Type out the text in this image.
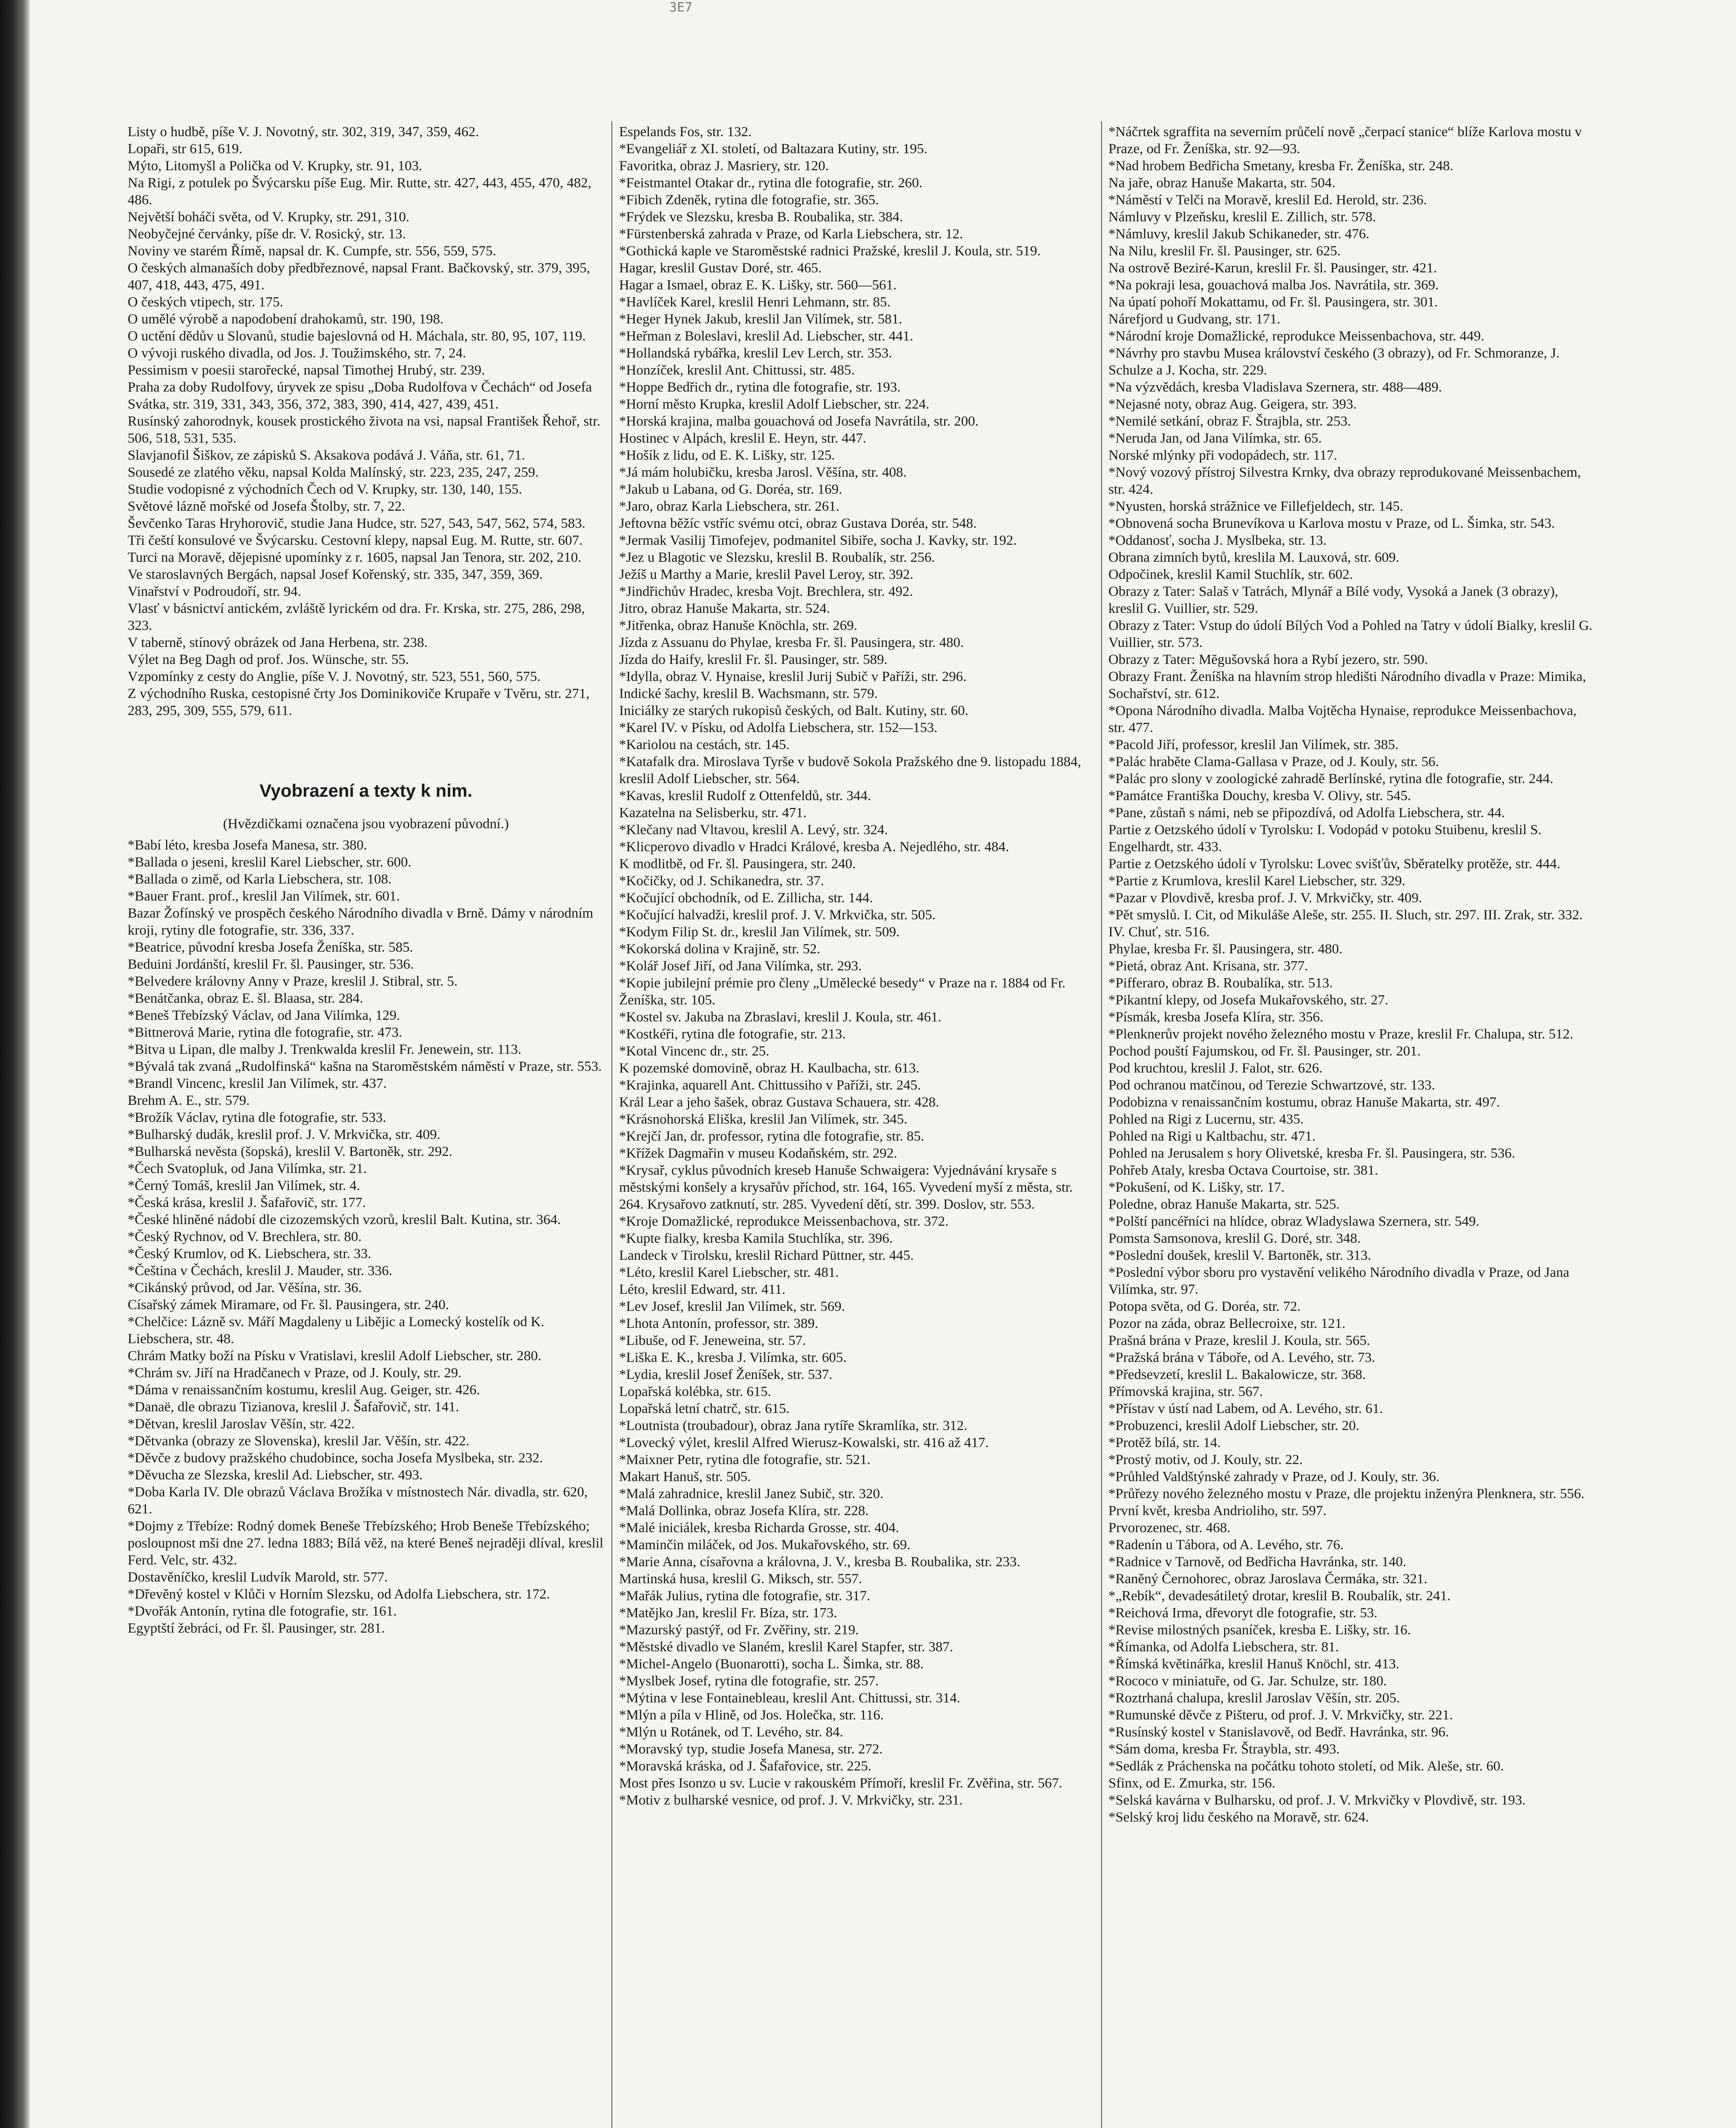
3E7
Listy o hudbě, píše V. J. Novotný, str. 302, 319, 347, 359, 462.
Lopaři, str 615, 619.
Mýto, Litomyšl a Polička od V. Krupky, str. 91, 103.
Na Rigi, z potulek po Švýcarsku píše Eug. Mir. Rutte, str. 427, 443, 455, 470, 482, 486.
Největší boháči světa, od V. Krupky, str. 291, 310.
Neobyčejné červánky, píše dr. V. Rosický, str. 13.
Noviny ve starém Římě, napsal dr. K. Cumpfe, str. 556, 559, 575.
O českých almanaších doby předbřeznové, napsal Frant. Bačkovský, str. 379, 395, 407, 418, 443, 475, 491.
O českých vtipech, str. 175.
O umělé výrobě a napodobení drahokamů, str. 190, 198.
O uctění dědův u Slovanů, studie bajeslovná od H. Máchala, str. 80, 95, 107, 119.
O vývoji ruského divadla, od Jos. J. Toužimského, str. 7, 24.
Pessimism v poesii starořecké, napsal Timothej Hrubý, str. 239.
Praha za doby Rudolfovy, úryvek ze spisu „Doba Rudolfova v Čechách“ od Josefa Svátka, str. 319, 331, 343, 356, 372, 383, 390, 414, 427, 439, 451.
Rusínský zahorodnyk, kousek prostického života na vsi, napsal František Řehoř, str. 506, 518, 531, 535.
Slavjanofil Šiškov, ze zápisků S. Aksakova podává J. Váňa, str. 61, 71.
Sousedé ze zlatého věku, napsal Kolda Malínský, str. 223, 235, 247, 259.
Studie vodopisné z východních Čech od V. Krupky, str. 130, 140, 155.
Světové lázně mořské od Josefa Štolby, str. 7, 22.
Ševčenko Taras Hryhorovič, studie Jana Hudce, str. 527, 543, 547, 562, 574, 583.
Tři čeští konsulové ve Švýcarsku. Cestovní klepy, napsal Eug. M. Rutte, str. 607.
Turci na Moravě, dějepisné upomínky z r. 1605, napsal Jan Tenora, str. 202, 210.
Ve staroslavných Bergách, napsal Josef Kořenský, str. 335, 347, 359, 369.
Vinařství v Podroudoří, str. 94.
Vlasť v básnictví antickém, zvláště lyrickém od dra. Fr. Krska, str. 275, 286, 298, 323.
V taberně, stínový obrázek od Jana Herbena, str. 238.
Výlet na Beg Dagh od prof. Jos. Wünsche, str. 55.
Vzpomínky z cesty do Anglie, píše V. J. Novotný, str. 523, 551, 560, 575.
Z východního Ruska, cestopisné črty Jos Dominikoviče Krupaře v Tvěru, str. 271, 283, 295, 309, 555, 579, 611.
Vyobrazení a texty k nim.
(Hvězdičkami označena jsou vyobrazení původní.)
*Babí léto, kresba Josefa Manesa, str. 380.
*Ballada o jeseni, kreslil Karel Liebscher, str. 600.
*Ballada o zimě, od Karla Liebschera, str. 108.
*Bauer Frant. prof., kreslil Jan Vilímek, str. 601.
Bazar Žofínský ve prospěch českého Národního divadla v Brně. Dámy v národním kroji, rytiny dle fotografie, str. 336, 337.
*Beatrice, původní kresba Josefa Ženíška, str. 585.
Beduini Jordánští, kreslil Fr. šl. Pausinger, str. 536.
*Belvedere královny Anny v Praze, kreslil J. Stibral, str. 5.
*Benátčanka, obraz E. šl. Blaasa, str. 284.
*Beneš Třebízský Václav, od Jana Vilímka, 129.
*Bittnerová Marie, rytina dle fotografie, str. 473.
*Bitva u Lipan, dle malby J. Trenkwalda kreslil Fr. Jenewein, str. 113.
*Bývalá tak zvaná „Rudolfinská“ kašna na Staroměstském náměstí v Praze, str. 553.
*Brandl Vincenc, kreslil Jan Vilímek, str. 437.
Brehm A. E., str. 579.
*Brožík Václav, rytina dle fotografie, str. 533.
*Bulharský dudák, kreslil prof. J. V. Mrkvička, str. 409.
*Bulharská nevěsta (šopská), kreslil V. Bartoněk, str. 292.
*Čech Svatopluk, od Jana Vilímka, str. 21.
*Černý Tomáš, kreslil Jan Vilímek, str. 4.
*Česká krása, kreslil J. Šafařovič, str. 177.
*České hliněné nádobí dle cizozemských vzorů, kreslil Balt. Kutina, str. 364.
*Český Rychnov, od V. Brechlera, str. 80.
*Český Krumlov, od K. Liebschera, str. 33.
*Čeština v Čechách, kreslil J. Mauder, str. 336.
*Cikánský průvod, od Jar. Věšína, str. 36.
Císařský zámek Miramare, od Fr. šl. Pausingera, str. 240.
*Chelčice: Lázně sv. Máří Magdaleny u Libějic a Lomecký kostelík od K. Liebschera, str. 48.
Chrám Matky boží na Písku v Vratislavi, kreslil Adolf Liebscher, str. 280.
*Chrám sv. Jiří na Hradčanech v Praze, od J. Kouly, str. 29.
*Dáma v renaissančním kostumu, kreslil Aug. Geiger, str. 426.
*Danaë, dle obrazu Tizianova, kreslil J. Šafařovič, str. 141.
*Dětvan, kreslil Jaroslav Věšín, str. 422.
*Dětvanka (obrazy ze Slovenska), kreslil Jar. Věšín, str. 422.
*Děvče z budovy pražského chudobince, socha Josefa Myslbeka, str. 232.
*Děvucha ze Slezska, kreslil Ad. Liebscher, str. 493.
*Doba Karla IV. Dle obrazů Václava Brožíka v místnostech Nár. divadla, str. 620, 621.
*Dojmy z Třebíze: Rodný domek Beneše Třebízského; Hrob Beneše Třebízského; posloupnost mši dne 27. ledna 1883; Bílá věž, na které Beneš nejraději dlíval, kreslil Ferd. Velc, str. 432.
Dostavěníčko, kreslil Ludvík Marold, str. 577.
*Dřevěný kostel v Klůči v Horním Slezsku, od Adolfa Liebschera, str. 172.
*Dvořák Antonín, rytina dle fotografie, str. 161.
Egyptští žebráci, od Fr. šl. Pausinger, str. 281.
Espelands Fos, str. 132.
*Evangeliář z XI. století, od Baltazara Kutiny, str. 195.
Favoritka, obraz J. Masriery, str. 120.
*Feistmantel Otakar dr., rytina dle fotografie, str. 260.
*Fibich Zdeněk, rytina dle fotografie, str. 365.
*Frýdek ve Slezsku, kresba B. Roubalika, str. 384.
*Fürstenberská zahrada v Praze, od Karla Liebschera, str. 12.
*Gothická kaple ve Staroměstské radnici Pražské, kreslil J. Koula, str. 519.
Hagar, kreslil Gustav Doré, str. 465.
Hagar a Ismael, obraz E. K. Lišky, str. 560—561.
*Havlíček Karel, kreslil Henri Lehmann, str. 85.
*Heger Hynek Jakub, kreslil Jan Vilímek, str. 581.
*Heřman z Boleslavi, kreslil Ad. Liebscher, str. 441.
*Hollandská rybářka, kreslil Lev Lerch, str. 353.
*Honzíček, kreslil Ant. Chittussi, str. 485.
*Hoppe Bedřich dr., rytina dle fotografie, str. 193.
*Horní město Krupka, kreslil Adolf Liebscher, str. 224.
*Horská krajina, malba gouachová od Josefa Navrátila, str. 200.
Hostinec v Alpách, kreslil E. Heyn, str. 447.
*Hošík z lidu, od E. K. Lišky, str. 125.
*Já mám holubičku, kresba Jarosl. Věšína, str. 408.
*Jakub u Labana, od G. Doréa, str. 169.
*Jaro, obraz Karla Liebschera, str. 261.
Jeftovna běžíc vstříc svému otci, obraz Gustava Doréa, str. 548.
*Jermak Vasilij Timofejev, podmanitel Sibiře, socha J. Kavky, str. 192.
*Jez u Blagotic ve Slezsku, kreslil B. Roubalík, str. 256.
Ježíš u Marthy a Marie, kreslil Pavel Leroy, str. 392.
*Jindřichův Hradec, kresba Vojt. Brechlera, str. 492.
Jitro, obraz Hanuše Makarta, str. 524.
*Jitřenka, obraz Hanuše Knöchla, str. 269.
Jízda z Assuanu do Phylae, kresba Fr. šl. Pausingera, str. 480.
Jízda do Haify, kreslil Fr. šl. Pausinger, str. 589.
*Idylla, obraz V. Hynaise, kreslil Jurij Subič v Paříži, str. 296.
Indické šachy, kreslil B. Wachsmann, str. 579.
Iniciálky ze starých rukopisů českých, od Balt. Kutiny, str. 60.
*Karel IV. v Písku, od Adolfa Liebschera, str. 152—153.
*Kariolou na cestách, str. 145.
*Katafalk dra. Miroslava Tyrše v budově Sokola Pražského dne 9. listopadu 1884, kreslil Adolf Liebscher, str. 564.
*Kavas, kreslil Rudolf z Ottenfeldů, str. 344.
Kazatelna na Selisberku, str. 471.
*Klečany nad Vltavou, kreslil A. Levý, str. 324.
*Klicperovo divadlo v Hradci Králové, kresba A. Nejedlého, str. 484.
K modlitbě, od Fr. šl. Pausingera, str. 240.
*Kočičky, od J. Schikanedra, str. 37.
*Kočující obchodník, od E. Zillicha, str. 144.
*Kočující halvadži, kreslil prof. J. V. Mrkvička, str. 505.
*Kodym Filip St. dr., kreslil Jan Vilímek, str. 509.
*Kokorská dolina v Krajině, str. 52.
*Kolář Josef Jiří, od Jana Vilímka, str. 293.
*Kopie jubilejní prémie pro členy „Umělecké besedy“ v Praze na r. 1884 od Fr. Ženíška, str. 105.
*Kostel sv. Jakuba na Zbraslavi, kreslil J. Koula, str. 461.
*Kostkéři, rytina dle fotografie, str. 213.
*Kotal Vincenc dr., str. 25.
K pozemské domovině, obraz H. Kaulbacha, str. 613.
*Krajinka, aquarell Ant. Chittussiho v Paříži, str. 245.
Král Lear a jeho šašek, obraz Gustava Schauera, str. 428.
*Krásnohorská Eliška, kreslil Jan Vilímek, str. 345.
*Krejčí Jan, dr. professor, rytina dle fotografie, str. 85.
*Křížek Dagmařin v museu Kodaňském, str. 292.
*Krysař, cyklus původních kreseb Hanuše Schwaigera: Vyjednávání krysaře s městskými konšely a krysařův příchod, str. 164, 165. Vyvedení myší z města, str. 264. Krysařovo zatknutí, str. 285. Vyvedení dětí, str. 399. Doslov, str. 553.
*Kroje Domažlické, reprodukce Meissenbachova, str. 372.
*Kupte fialky, kresba Kamila Stuchlíka, str. 396.
Landeck v Tirolsku, kreslil Richard Püttner, str. 445.
*Léto, kreslil Karel Liebscher, str. 481.
Léto, kreslil Edward, str. 411.
*Lev Josef, kreslil Jan Vilímek, str. 569.
*Lhota Antonín, professor, str. 389.
*Libuše, od F. Jeneweina, str. 57.
*Liška E. K., kresba J. Vilímka, str. 605.
*Lydia, kreslil Josef Ženíšek, str. 537.
Lopařská kolébka, str. 615.
Lopařská letní chatrč, str. 615.
*Loutnista (troubadour), obraz Jana rytíře Skramlíka, str. 312.
*Lovecký výlet, kreslil Alfred Wierusz-Kowalski, str. 416 až 417.
*Maixner Petr, rytina dle fotografie, str. 521.
Makart Hanuš, str. 505.
*Malá zahradnice, kreslil Janez Subič, str. 320.
*Malá Dollinka, obraz Josefa Klíra, str. 228.
*Malé iniciálek, kresba Richarda Grosse, str. 404.
*Maminčin miláček, od Jos. Mukařovského, str. 69.
*Marie Anna, císařovna a královna, J. V., kresba B. Roubalika, str. 233.
Martinská husa, kreslil G. Miksch, str. 557.
*Mařák Julius, rytina dle fotografie, str. 317.
*Matějko Jan, kreslil Fr. Bíza, str. 173.
*Mazurský pastýř, od Fr. Zvěřiny, str. 219.
*Městské divadlo ve Slaném, kreslil Karel Stapfer, str. 387.
*Michel-Angelo (Buonarotti), socha L. Šimka, str. 88.
*Myslbek Josef, rytina dle fotografie, str. 257.
*Mýtina v lese Fontainebleau, kreslil Ant. Chittussi, str. 314.
*Mlýn a píla v Hlině, od Jos. Holečka, str. 116.
*Mlýn u Rotánek, od T. Levého, str. 84.
*Moravský typ, studie Josefa Manesa, str. 272.
*Moravská kráska, od J. Šafařovice, str. 225.
Most přes Isonzo u sv. Lucie v rakouském Přímoří, kreslil Fr. Zvěřina, str. 567.
*Motiv z bulharské vesnice, od prof. J. V. Mrkvičky, str. 231.
*Náčrtek sgraffita na severním průčelí nově „čerpací stanice“ blíže Karlova mostu v Praze, od Fr. Ženíška, str. 92—93.
*Nad hrobem Bedřicha Smetany, kresba Fr. Ženíška, str. 248.
Na jaře, obraz Hanuše Makarta, str. 504.
*Náměstí v Telči na Moravě, kreslil Ed. Herold, str. 236.
Námluvy v Plzeňsku, kreslil E. Zillich, str. 578.
*Námluvy, kreslil Jakub Schikaneder, str. 476.
Na Nilu, kreslil Fr. šl. Pausinger, str. 625.
Na ostrově Beziré-Karun, kreslil Fr. šl. Pausinger, str. 421.
*Na pokraji lesa, gouachová malba Jos. Navrátila, str. 369.
Na úpatí pohoří Mokattamu, od Fr. šl. Pausingera, str. 301.
Nárefjord u Gudvang, str. 171.
*Národní kroje Domažlické, reprodukce Meissenbachova, str. 449.
*Návrhy pro stavbu Musea království českého (3 obrazy), od Fr. Schmoranze, J. Schulze a J. Kocha, str. 229.
*Na výzvědách, kresba Vladislava Szernera, str. 488—489.
*Nejasné noty, obraz Aug. Geigera, str. 393.
*Nemilé setkání, obraz F. Štrajbla, str. 253.
*Neruda Jan, od Jana Vilímka, str. 65.
Norské mlýnky při vodopádech, str. 117.
*Nový vozový přístroj Silvestra Krnky, dva obrazy reprodukované Meissenbachem, str. 424.
*Nyusten, horská strážnice ve Fillefjeldech, str. 145.
*Obnovená socha Brunevíkova u Karlova mostu v Praze, od L. Šimka, str. 543.
*Oddanosť, socha J. Myslbeka, str. 13.
Obrana zimních bytů, kreslila M. Lauxová, str. 609.
Odpočinek, kreslil Kamil Stuchlík, str. 602.
Obrazy z Tater: Salaš v Tatrách, Mlynář a Bílé vody, Vysoká a Janek (3 obrazy), kreslil G. Vuillier, str. 529.
Obrazy z Tater: Vstup do údolí Bílých Vod a Pohled na Tatry v údolí Bialky, kreslil G. Vuillier, str. 573.
Obrazy z Tater: Mĕgušovská hora a Rybí jezero, str. 590.
Obrazy Frant. Ženíška na hlavním strop hledišti Národního divadla v Praze: Mimika, Sochařství, str. 612.
*Opona Národního divadla. Malba Vojtěcha Hynaise, reprodukce Meissenbachova, str. 477.
*Pacold Jiří, professor, kreslil Jan Vilímek, str. 385.
*Palác hraběte Clama-Gallasa v Praze, od J. Kouly, str. 56.
*Palác pro slony v zoologické zahradě Berlínské, rytina dle fotografie, str. 244.
*Památce Františka Douchy, kresba V. Olivy, str. 545.
*Pane, zůstaň s námi, neb se připozdívá, od Adolfa Liebschera, str. 44.
Partie z Oetzského údolí v Tyrolsku: I. Vodopád v potoku Stuibenu, kreslil S. Engelhardt, str. 433.
Partie z Oetzského údolí v Tyrolsku: Lovec svišťův, Sběratelky protěže, str. 444.
*Partie z Krumlova, kreslil Karel Liebscher, str. 329.
*Pazar v Plovdivě, kresba prof. J. V. Mrkvičky, str. 409.
*Pět smyslů. I. Cit, od Mikuláše Aleše, str. 255. II. Sluch, str. 297. III. Zrak, str. 332. IV. Chuť, str. 516.
Phylae, kresba Fr. šl. Pausingera, str. 480.
*Pietá, obraz Ant. Krisana, str. 377.
*Pifferaro, obraz B. Roubalíka, str. 513.
*Pikantní klepy, od Josefa Mukařovského, str. 27.
*Písmák, kresba Josefa Klíra, str. 356.
*Plenknerův projekt nového železného mostu v Praze, kreslil Fr. Chalupa, str. 512.
Pochod pouští Fajumskou, od Fr. šl. Pausinger, str. 201.
Pod kruchtou, kreslil J. Falot, str. 626.
Pod ochranou matčinou, od Terezie Schwartzové, str. 133.
Podobizna v renaissančním kostumu, obraz Hanuše Makarta, str. 497.
Pohled na Rigi z Lucernu, str. 435.
Pohled na Rigi u Kaltbachu, str. 471.
Pohled na Jerusalem s hory Olivetské, kresba Fr. šl. Pausingera, str. 536.
Pohřeb Ataly, kresba Octava Courtoise, str. 381.
*Pokušení, od K. Lišky, str. 17.
Poledne, obraz Hanuše Makarta, str. 525.
*Polští pancéřníci na hlídce, obraz Wladyslawa Szernera, str. 549.
Pomsta Samsonova, kreslil G. Doré, str. 348.
*Poslední doušek, kreslil V. Bartoněk, str. 313.
*Poslední výbor sboru pro vystavění velikého Národního divadla v Praze, od Jana Vilímka, str. 97.
Potopa světa, od G. Doréa, str. 72.
Pozor na záda, obraz Bellecroixe, str. 121.
Prašná brána v Praze, kreslil J. Koula, str. 565.
*Pražská brána v Táboře, od A. Levého, str. 73.
*Předsevzetí, kreslil L. Bakalowicze, str. 368.
Přímovská krajina, str. 567.
*Přístav v ústí nad Labem, od A. Levého, str. 61.
*Probuzenci, kreslil Adolf Liebscher, str. 20.
*Protěž bílá, str. 14.
*Prostý motiv, od J. Kouly, str. 22.
*Průhled Valdštýnské zahrady v Praze, od J. Kouly, str. 36.
*Průřezy nového železného mostu v Praze, dle projektu inženýra Plenknera, str. 556.
První květ, kresba Andrioliho, str. 597.
Prvorozenec, str. 468.
*Radenín u Tábora, od A. Levého, str. 76.
*Radnice v Tarnově, od Bedřicha Havránka, str. 140.
*Raněný Černohorec, obraz Jaroslava Čermáka, str. 321.
*„Rebík“, devadesátiletý drotar, kreslil B. Roubalík, str. 241.
*Reichová Irma, dřevoryt dle fotografie, str. 53.
*Revise milostných psaníček, kresba E. Lišky, str. 16.
*Římanka, od Adolfa Liebschera, str. 81.
*Římská květinářka, kreslil Hanuš Knöchl, str. 413.
*Rococo v miniatuře, od G. Jar. Schulze, str. 180.
*Roztrhaná chalupa, kreslil Jaroslav Věšín, str. 205.
*Rumunské děvče z Pišteru, od prof. J. V. Mrkvičky, str. 221.
*Rusínský kostel v Stanislavově, od Bedř. Havránka, str. 96.
*Sám doma, kresba Fr. Štraybla, str. 493.
*Sedlák z Práchenska na počátku tohoto století, od Mik. Aleše, str. 60.
Sfinx, od E. Zmurka, str. 156.
*Selská kavárna v Bulharsku, od prof. J. V. Mrkvičky v Plovdivě, str. 193.
*Selský kroj lidu českého na Moravě, str. 624.
